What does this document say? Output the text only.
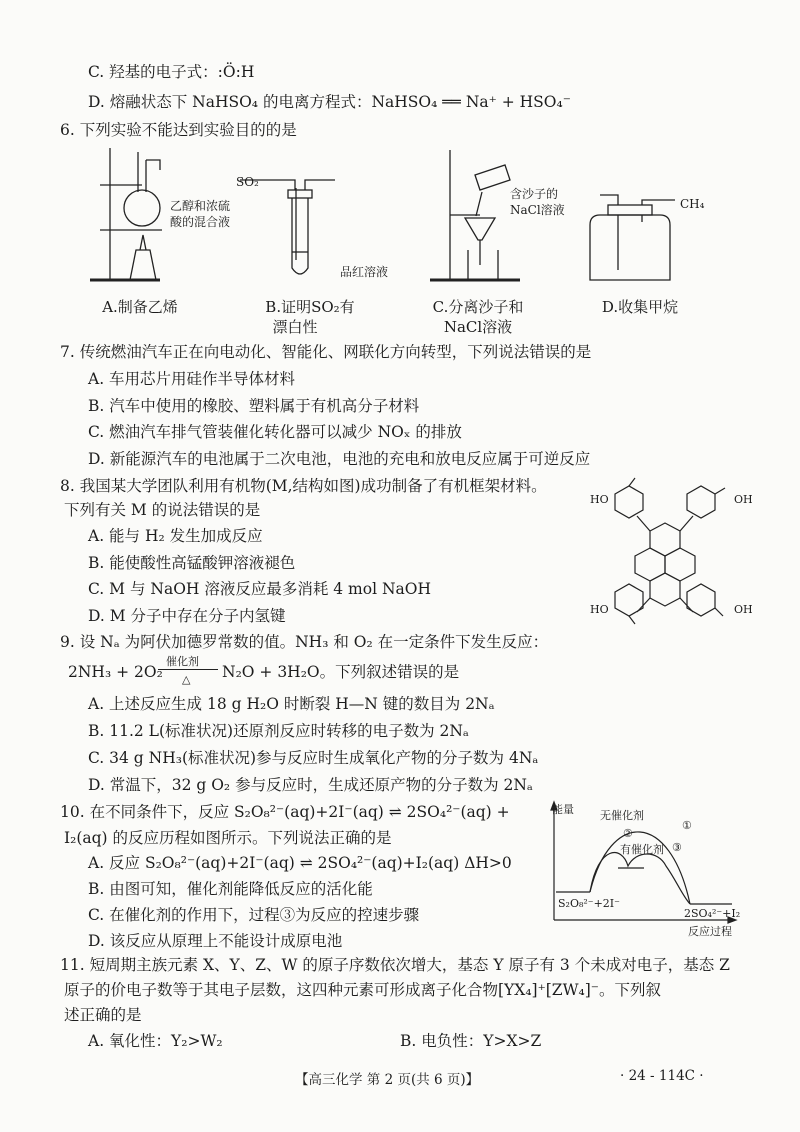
C. 羟基的电子式：:Ö:H
D. 熔融状态下 NaHSO₄ 的电离方程式：NaHSO₄ ══ Na⁺ + HSO₄⁻
6. 下列实验不能达到实验目的的是
乙醇和浓硫酸的混合液
SO₂
品红溶液
含沙子的NaCl溶液	CH₄
A.制备乙烯	B.证明SO₂有
漂白性
C.分离沙子和
NaCl溶液
D.收集甲烷
7. 传统燃油汽车正在向电动化、智能化、网联化方向转型，下列说法错误的是
A. 车用芯片用硅作半导体材料
B. 汽车中使用的橡胶、塑料属于有机高分子材料
C. 燃油汽车排气管装催化转化器可以减少 NOₓ 的排放
D. 新能源汽车的电池属于二次电池，电池的充电和放电反应属于可逆反应
8. 我国某大学团队利用有机物(M,结构如图)成功制备了有机框架材料。
下列有关 M 的说法错误的是
A. 能与 H₂ 发生加成反应
B. 能使酸性高锰酸钾溶液褪色
C. M 与 NaOH 溶液反应最多消耗 4 mol NaOH
D. M 分子中存在分子内氢键
HO	OH
HO	OH
9. 设 Nₐ 为阿伏加德罗常数的值。NH₃ 和 O₂ 在一定条件下发生反应：
2NH₃ + 2O₂
催化剂
△ N₂O + 3H₂O。下列叙述错误的是
A. 上述反应生成 18 g H₂O 时断裂 H—N 键的数目为 2Nₐ
B. 11.2 L(标准状况)还原剂反应时转移的电子数为 2Nₐ
C. 34 g NH₃(标准状况)参与反应时生成氧化产物的分子数为 4Nₐ
D. 常温下，32 g O₂ 参与反应时，生成还原产物的分子数为 2Nₐ
10. 在不同条件下，反应 S₂O₈²⁻(aq)+2I⁻(aq) ⇌ 2SO₄²⁻(aq) +
I₂(aq) 的反应历程如图所示。下列说法正确的是
A. 反应 S₂O₈²⁻(aq)+2I⁻(aq) ⇌ 2SO₄²⁻(aq)+I₂(aq) ΔH>0
B. 由图可知，催化剂能降低反应的活化能
C. 在催化剂的作用下，过程③为反应的控速步骤
D. 该反应从原理上不能设计成原电池
能量 无催化剂
①
②
有催化剂 ③
S₂O₈²⁻+2I⁻
2SO₄²⁻+I₂
反应过程
11. 短周期主族元素 X、Y、Z、W 的原子序数依次增大，基态 Y 原子有 3 个未成对电子，基态 Z
原子的价电子数等于其电子层数，这四种元素可形成离子化合物[YX₄]⁺[ZW₄]⁻。下列叙
述正确的是
A. 氧化性：Y₂>W₂	B. 电负性：Y>X>Z
【高三化学 第 2 页(共 6 页)】	· 24 - 114C ·
